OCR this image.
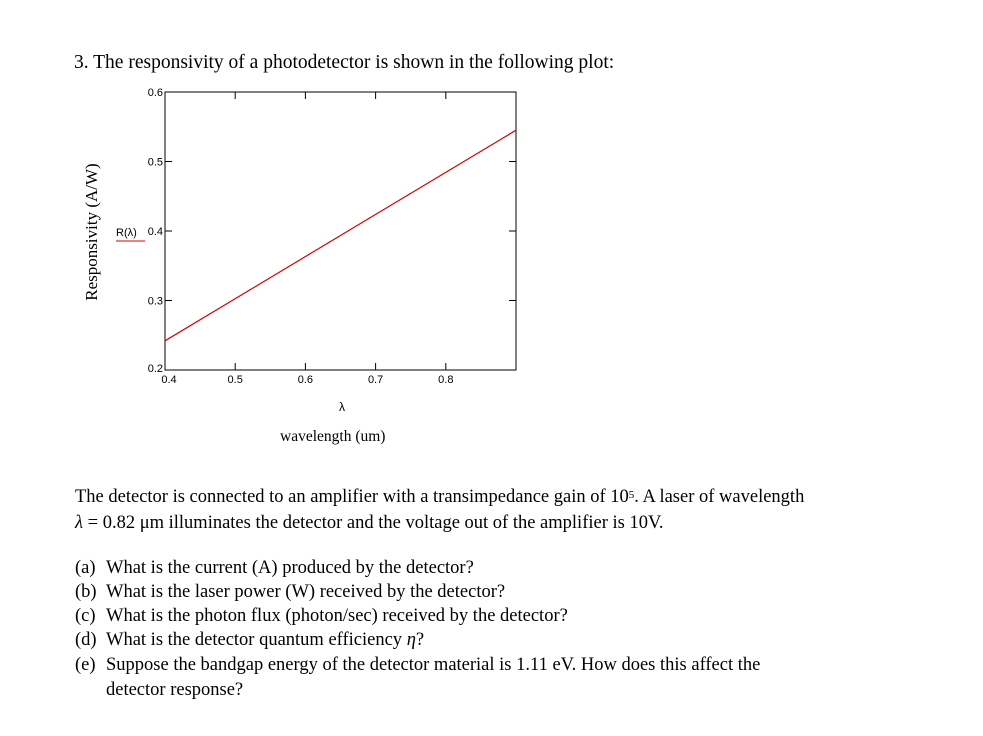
3. The responsivity of a photodetector is shown in the following plot:
Responsivity (A/W)
0.4	0.5	0.6	0.7	0.8
0.2
0.3
0.4
0.5
0.6
R(λ)
λ
wavelength (um)
The detector is connected to an amplifier with a transimpedance gain of $10^5$. A laser of wavelength
λ = 0.82 μm illuminates the detector and the voltage out of the amplifier is 10V.
(a) What is the current (A) produced by the detector?
(b) What is the laser power (W) received by the detector?
(c) What is the photon flux (photon/sec) received by the detector?
(d) What is the detector quantum efficiency η?
(e) Suppose the bandgap energy of the detector material is 1.11 eV. How does this affect the
detector response?
